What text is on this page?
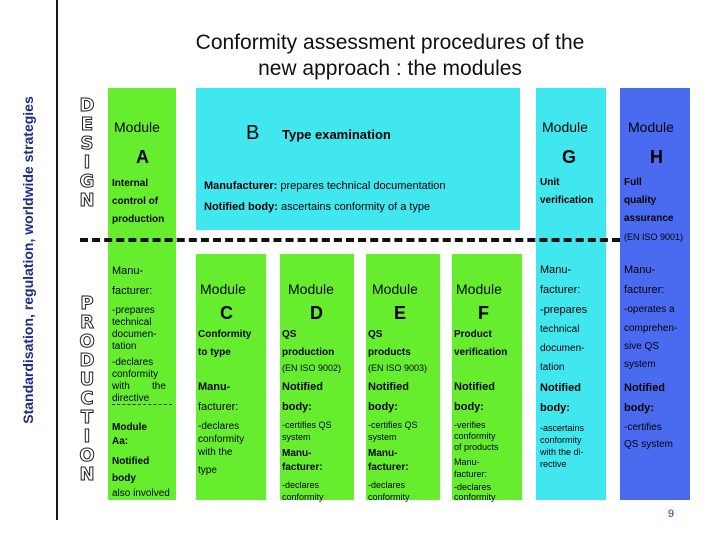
Standardisation, regulation, worldwide strategies
Conformity assessment procedures of the
new approach : the modules
D
E
S
I
G
N
P
R
O
D
U
C
T
I
O
N
Module
A
Internal
control of
production
Manu-
facturer:
-prepares
technical
documen-
tation
-declares
conformity
with the
directive
Module
Aa:
Notified
body
also involved
B Type examination
Manufacturer: prepares technical documentation
Notified body: ascertains conformity of a type
Module
G
Unit
verification
Manu-
facturer:
-prepares
technical
documen-
tation
Notified
body:
-ascertains
conformity
with the di-
rective
Module
H
Full
quality
assurance
(EN ISO 9001)
Manu-
facturer:
-operates a
comprehen-
sive QS
system
Notified
body:
-certifies
QS system
Module
C
Conformity
to type
Manu-
facturer:
-declares
conformity
with the
type
Module
D
QS
production
(EN ISO 9002)
Notified
body:
-certifies QS
system
Manu-
facturer:
-declares
conformity
Module
E
QS
products
(EN ISO 9003)
Notified
body:
-certifies QS
system
Manu-
facturer:
-declares
conformity
Module
F
Product
verification
Notified
body:
-verifies
conformity
of products
Manu-
facturer:
-declares
conformity
9
